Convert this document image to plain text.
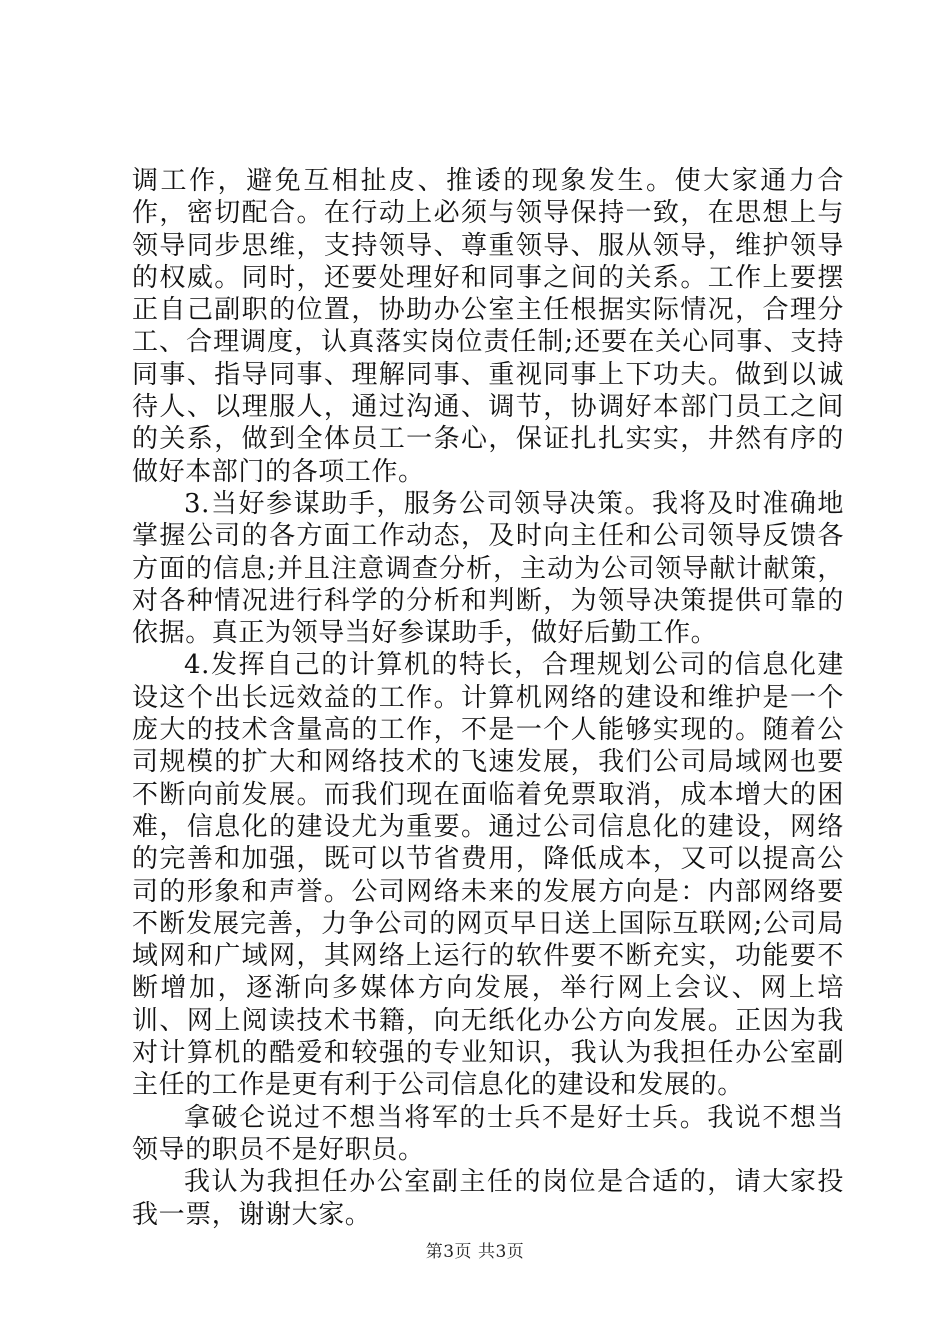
调工作，避免互相扯皮、推诿的现象发生。使大家通力合作，密切配合。在行动上必须与领导保持一致，在思想上与领导同步思维，支持领导、尊重领导、服从领导，维护领导的权威。同时，还要处理好和同事之间的关系。工作上要摆正自己副职的位置，协助办公室主任根据实际情况，合理分工、合理调度，认真落实岗位责任制;还要在关心同事、支持同事、指导同事、理解同事、重视同事上下功夫。做到以诚待人、以理服人，通过沟通、调节，协调好本部门员工之间的关系，做到全体员工一条心，保证扎扎实实，井然有序的做好本部门的各项工作。

3.当好参谋助手，服务公司领导决策。我将及时准确地掌握公司的各方面工作动态，及时向主任和公司领导反馈各方面的信息;并且注意调查分析，主动为公司领导献计献策，对各种情况进行科学的分析和判断，为领导决策提供可靠的依据。真正为领导当好参谋助手，做好后勤工作。

4.发挥自己的计算机的特长，合理规划公司的信息化建设这个出长远效益的工作。计算机网络的建设和维护是一个庞大的技术含量高的工作，不是一个人能够实现的。随着公司规模的扩大和网络技术的飞速发展，我们公司局域网也要不断向前发展。而我们现在面临着免票取消，成本增大的困难，信息化的建设尤为重要。通过公司信息化的建设，网络的完善和加强，既可以节省费用，降低成本，又可以提高公司的形象和声誉。公司网络未来的发展方向是：内部网络要不断发展完善，力争公司的网页早日送上国际互联网;公司局域网和广域网，其网络上运行的软件要不断充实，功能要不断增加，逐渐向多媒体方向发展，举行网上会议、网上培训、网上阅读技术书籍，向无纸化办公方向发展。正因为我对计算机的酷爱和较强的专业知识，我认为我担任办公室副主任的工作是更有利于公司信息化的建设和发展的。

拿破仑说过不想当将军的士兵不是好士兵。我说不想当领导的职员不是好职员。

我认为我担任办公室副主任的岗位是合适的，请大家投我一票，谢谢大家。

第3页 共3页
